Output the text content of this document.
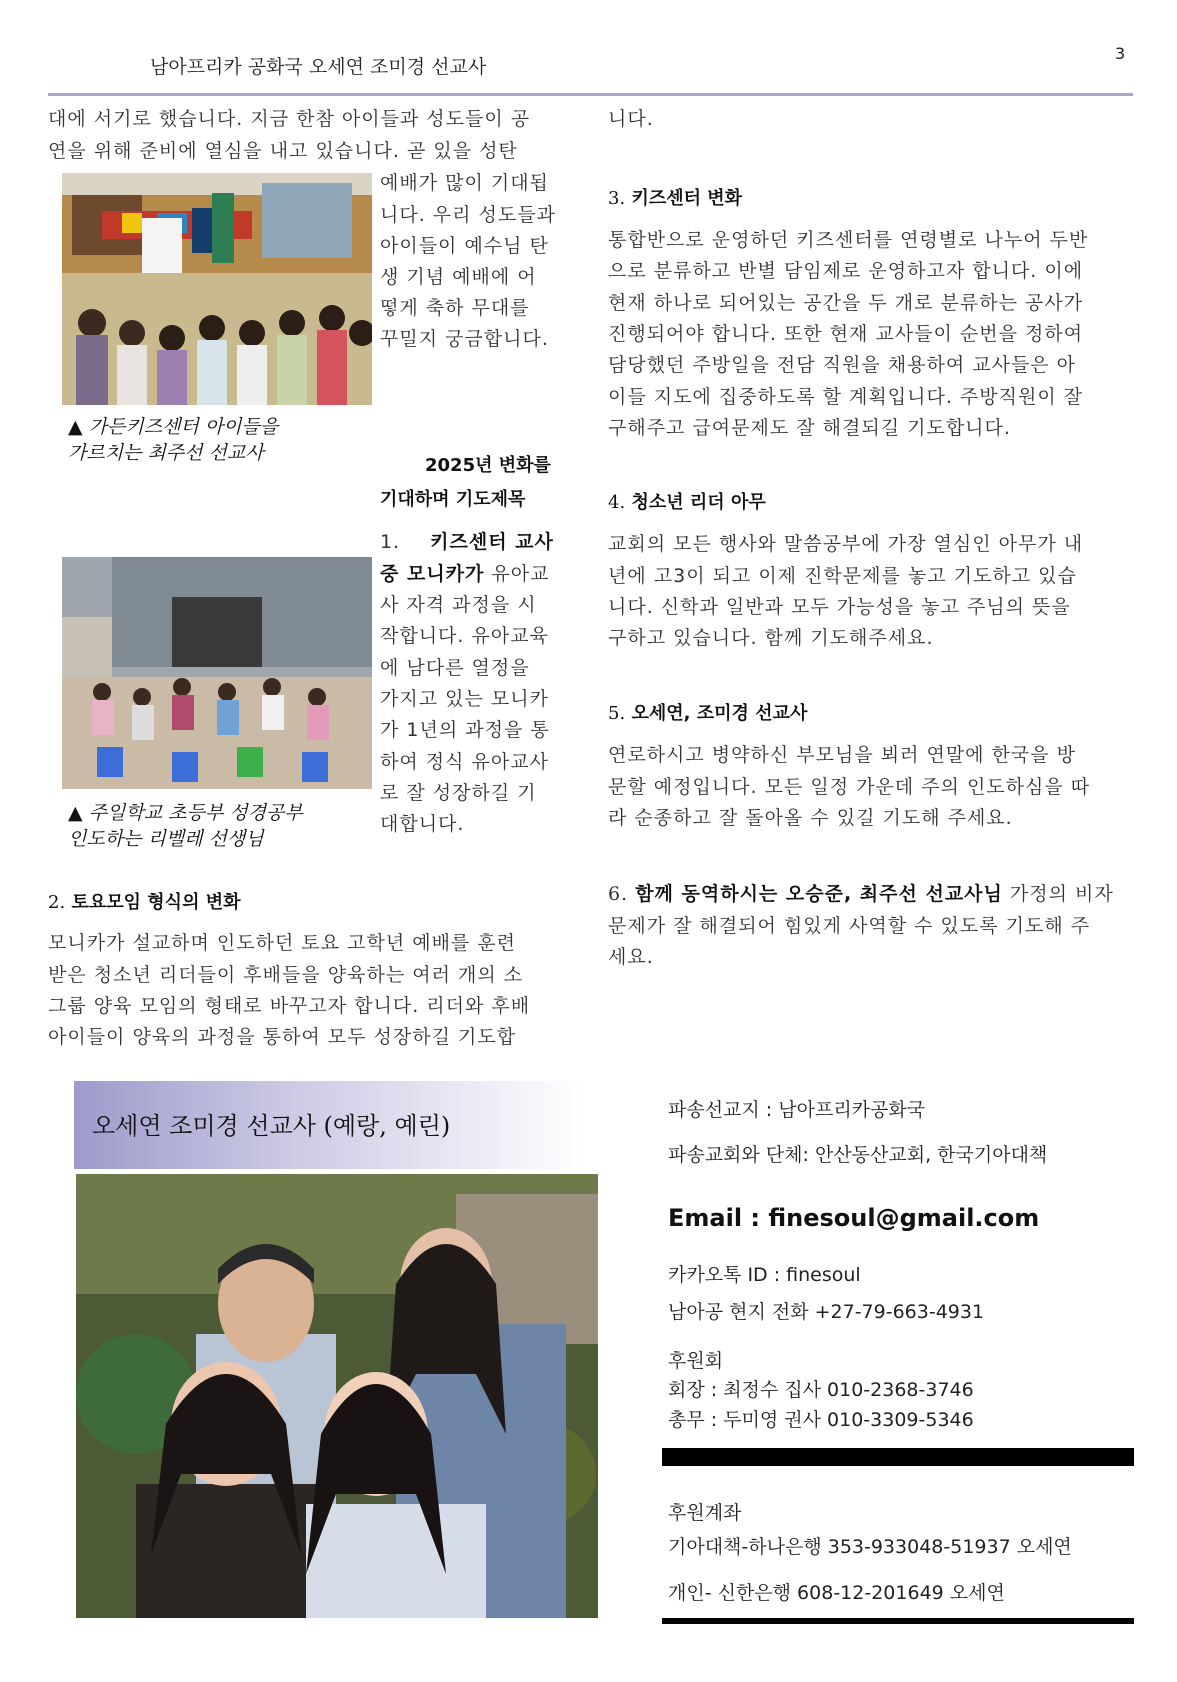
남아프리카 공화국 오세연 조미경 선교사
3
대에 서기로 했습니다. 지금 한참 아이들과 성도들이 공
연을 위해 준비에 열심을 내고 있습니다. 곧 있을 성탄
예배가 많이 기대됩
니다. 우리 성도들과
아이들이 예수님 탄
생 기념 예배에 어
떻게 축하 무대를
꾸밀지 궁금합니다.
▲ 가든키즈센터 아이들을
가르치는 최주선 선교사
2025년 변화를
기대하며 기도제목
1. 키즈센터 교사
중 모니카가 유아교
사 자격 과정을 시
작합니다. 유아교육
에 남다른 열정을
가지고 있는 모니카
가 1년의 과정을 통
하여 정식 유아교사
로 잘 성장하길 기
대합니다.
▲ 주일학교 초등부 성경공부
인도하는 리벨레 선생님
2. 토요모임 형식의 변화
모니카가 설교하며 인도하던 토요 고학년 예배를 훈련
받은 청소년 리더들이 후배들을 양육하는 여러 개의 소
그룹 양육 모임의 형태로 바꾸고자 합니다. 리더와 후배
아이들이 양육의 과정을 통하여 모두 성장하길 기도합
니다.
3. 키즈센터 변화
통합반으로 운영하던 키즈센터를 연령별로 나누어 두반
으로 분류하고 반별 담임제로 운영하고자 합니다. 이에
현재 하나로 되어있는 공간을 두 개로 분류하는 공사가
진행되어야 합니다. 또한 현재 교사들이 순번을 정하여
담당했던 주방일을 전담 직원을 채용하여 교사들은 아
이들 지도에 집중하도록 할 계획입니다. 주방직원이 잘
구해주고 급여문제도 잘 해결되길 기도합니다.
4. 청소년 리더 아무
교회의 모든 행사와 말씀공부에 가장 열심인 아무가 내
년에 고3이 되고 이제 진학문제를 놓고 기도하고 있습
니다. 신학과 일반과 모두 가능성을 놓고 주님의 뜻을
구하고 있습니다. 함께 기도해주세요.
5. 오세연, 조미경 선교사
연로하시고 병약하신 부모님을 뵈러 연말에 한국을 방
문할 예정입니다. 모든 일정 가운데 주의 인도하심을 따
라 순종하고 잘 돌아올 수 있길 기도해 주세요.
6. 함께 동역하시는 오승준, 최주선 선교사님 가정의 비자
문제가 잘 해결되어 힘있게 사역할 수 있도록 기도해 주
세요.
오세연 조미경 선교사 (예랑, 예린)
파송선교지 : 남아프리카공화국
파송교회와 단체: 안산동산교회, 한국기아대책
Email : finesoul@gmail.com
카카오톡 ID : finesoul
남아공 현지 전화 +27-79-663-4931
후원회
회장 : 최정수 집사 010-2368-3746
총무 : 두미영 권사 010-3309-5346
후원계좌
기아대책-하나은행 353-933048-51937 오세연
개인- 신한은행 608-12-201649 오세연
